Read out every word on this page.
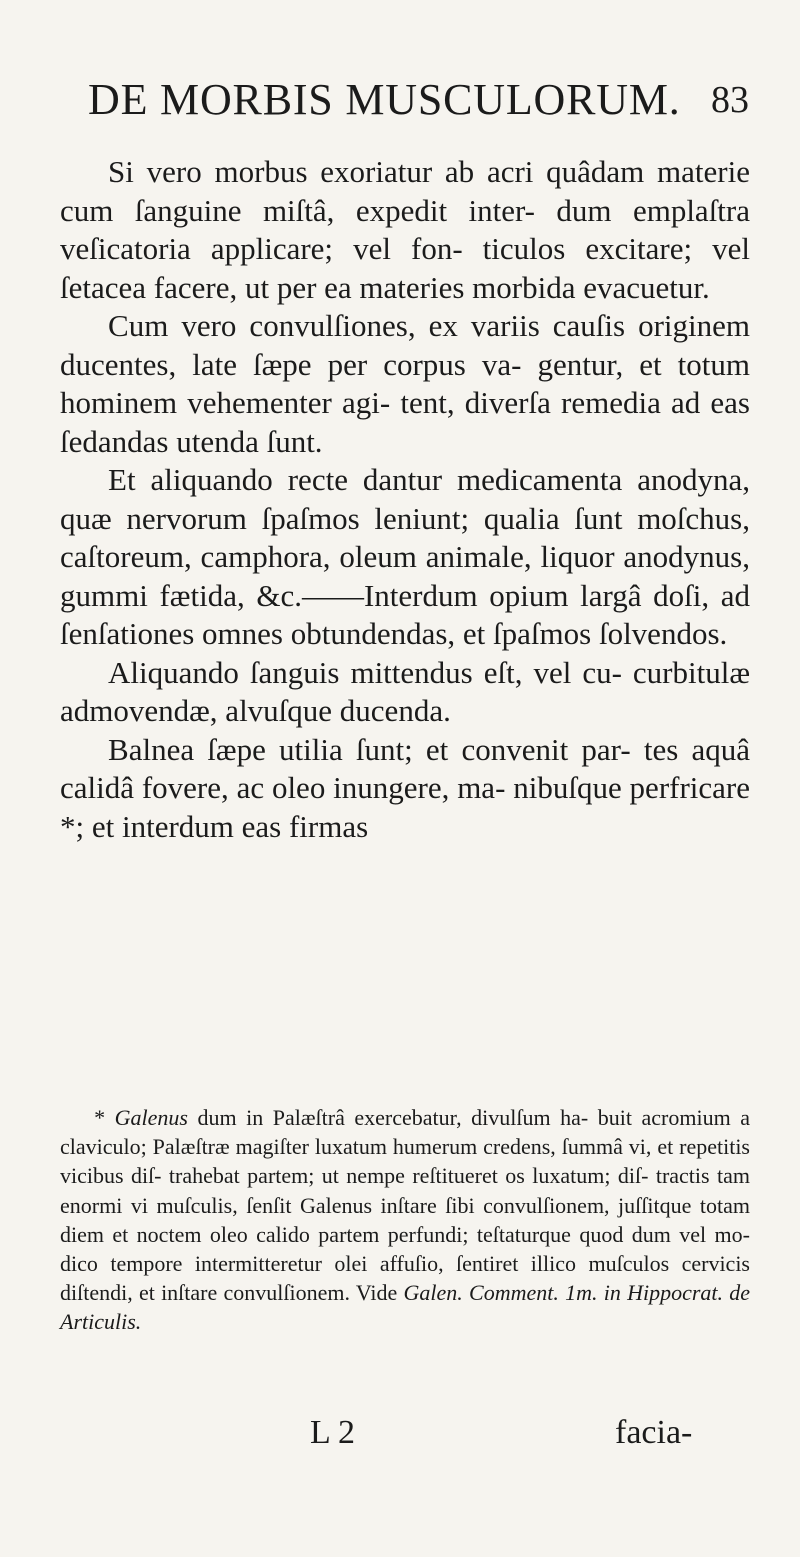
DE MORBIS MUSCULORUM. 83

Si vero morbus exoriatur ab acri quâdam materie cum ſanguine miſtâ, expedit inter- dum emplaſtra veſicatoria applicare; vel fon- ticulos excitare; vel ſetacea facere, ut per ea materies morbida evacuetur.

Cum vero convulſiones, ex variis cauſis originem ducentes, late ſæpe per corpus va- gentur, et totum hominem vehementer agi- tent, diverſa remedia ad eas ſedandas utenda ſunt.

Et aliquando recte dantur medicamenta anodyna, quæ nervorum ſpaſmos leniunt; qualia ſunt moſchus, caſtoreum, camphora, oleum animale, liquor anodynus, gummi fætida, &c.——Interdum opium largâ doſi, ad ſenſationes omnes obtundendas, et ſpaſmos ſolvendos.

Aliquando ſanguis mittendus eſt, vel cu- curbitulæ admovendæ, alvuſque ducenda.

Balnea ſæpe utilia ſunt; et convenit par- tes aquâ calidâ fovere, ac oleo inungere, ma- nibuſque perfricare *; et interdum eas firmas

* Galenus dum in Palæſtrâ exercebatur, divulſum ha- buit acromium a claviculo; Palæſtræ magiſter luxatum humerum credens, ſummâ vi, et repetitis vicibus diſ- trahebat partem; ut nempe reſtitueret os luxatum; diſ- tractis tam enormi vi muſculis, ſenſit Galenus inſtare ſibi convulſionem, juſſitque totam diem et noctem oleo calido partem perfundi; teſtaturque quod dum vel mo- dico tempore intermitteretur olei affuſio, ſentiret illico muſculos cervicis diſtendi, et inſtare convulſionem. Vide Galen. Comment. 1m. in Hippocrat. de Articulis.

L 2	facia-
